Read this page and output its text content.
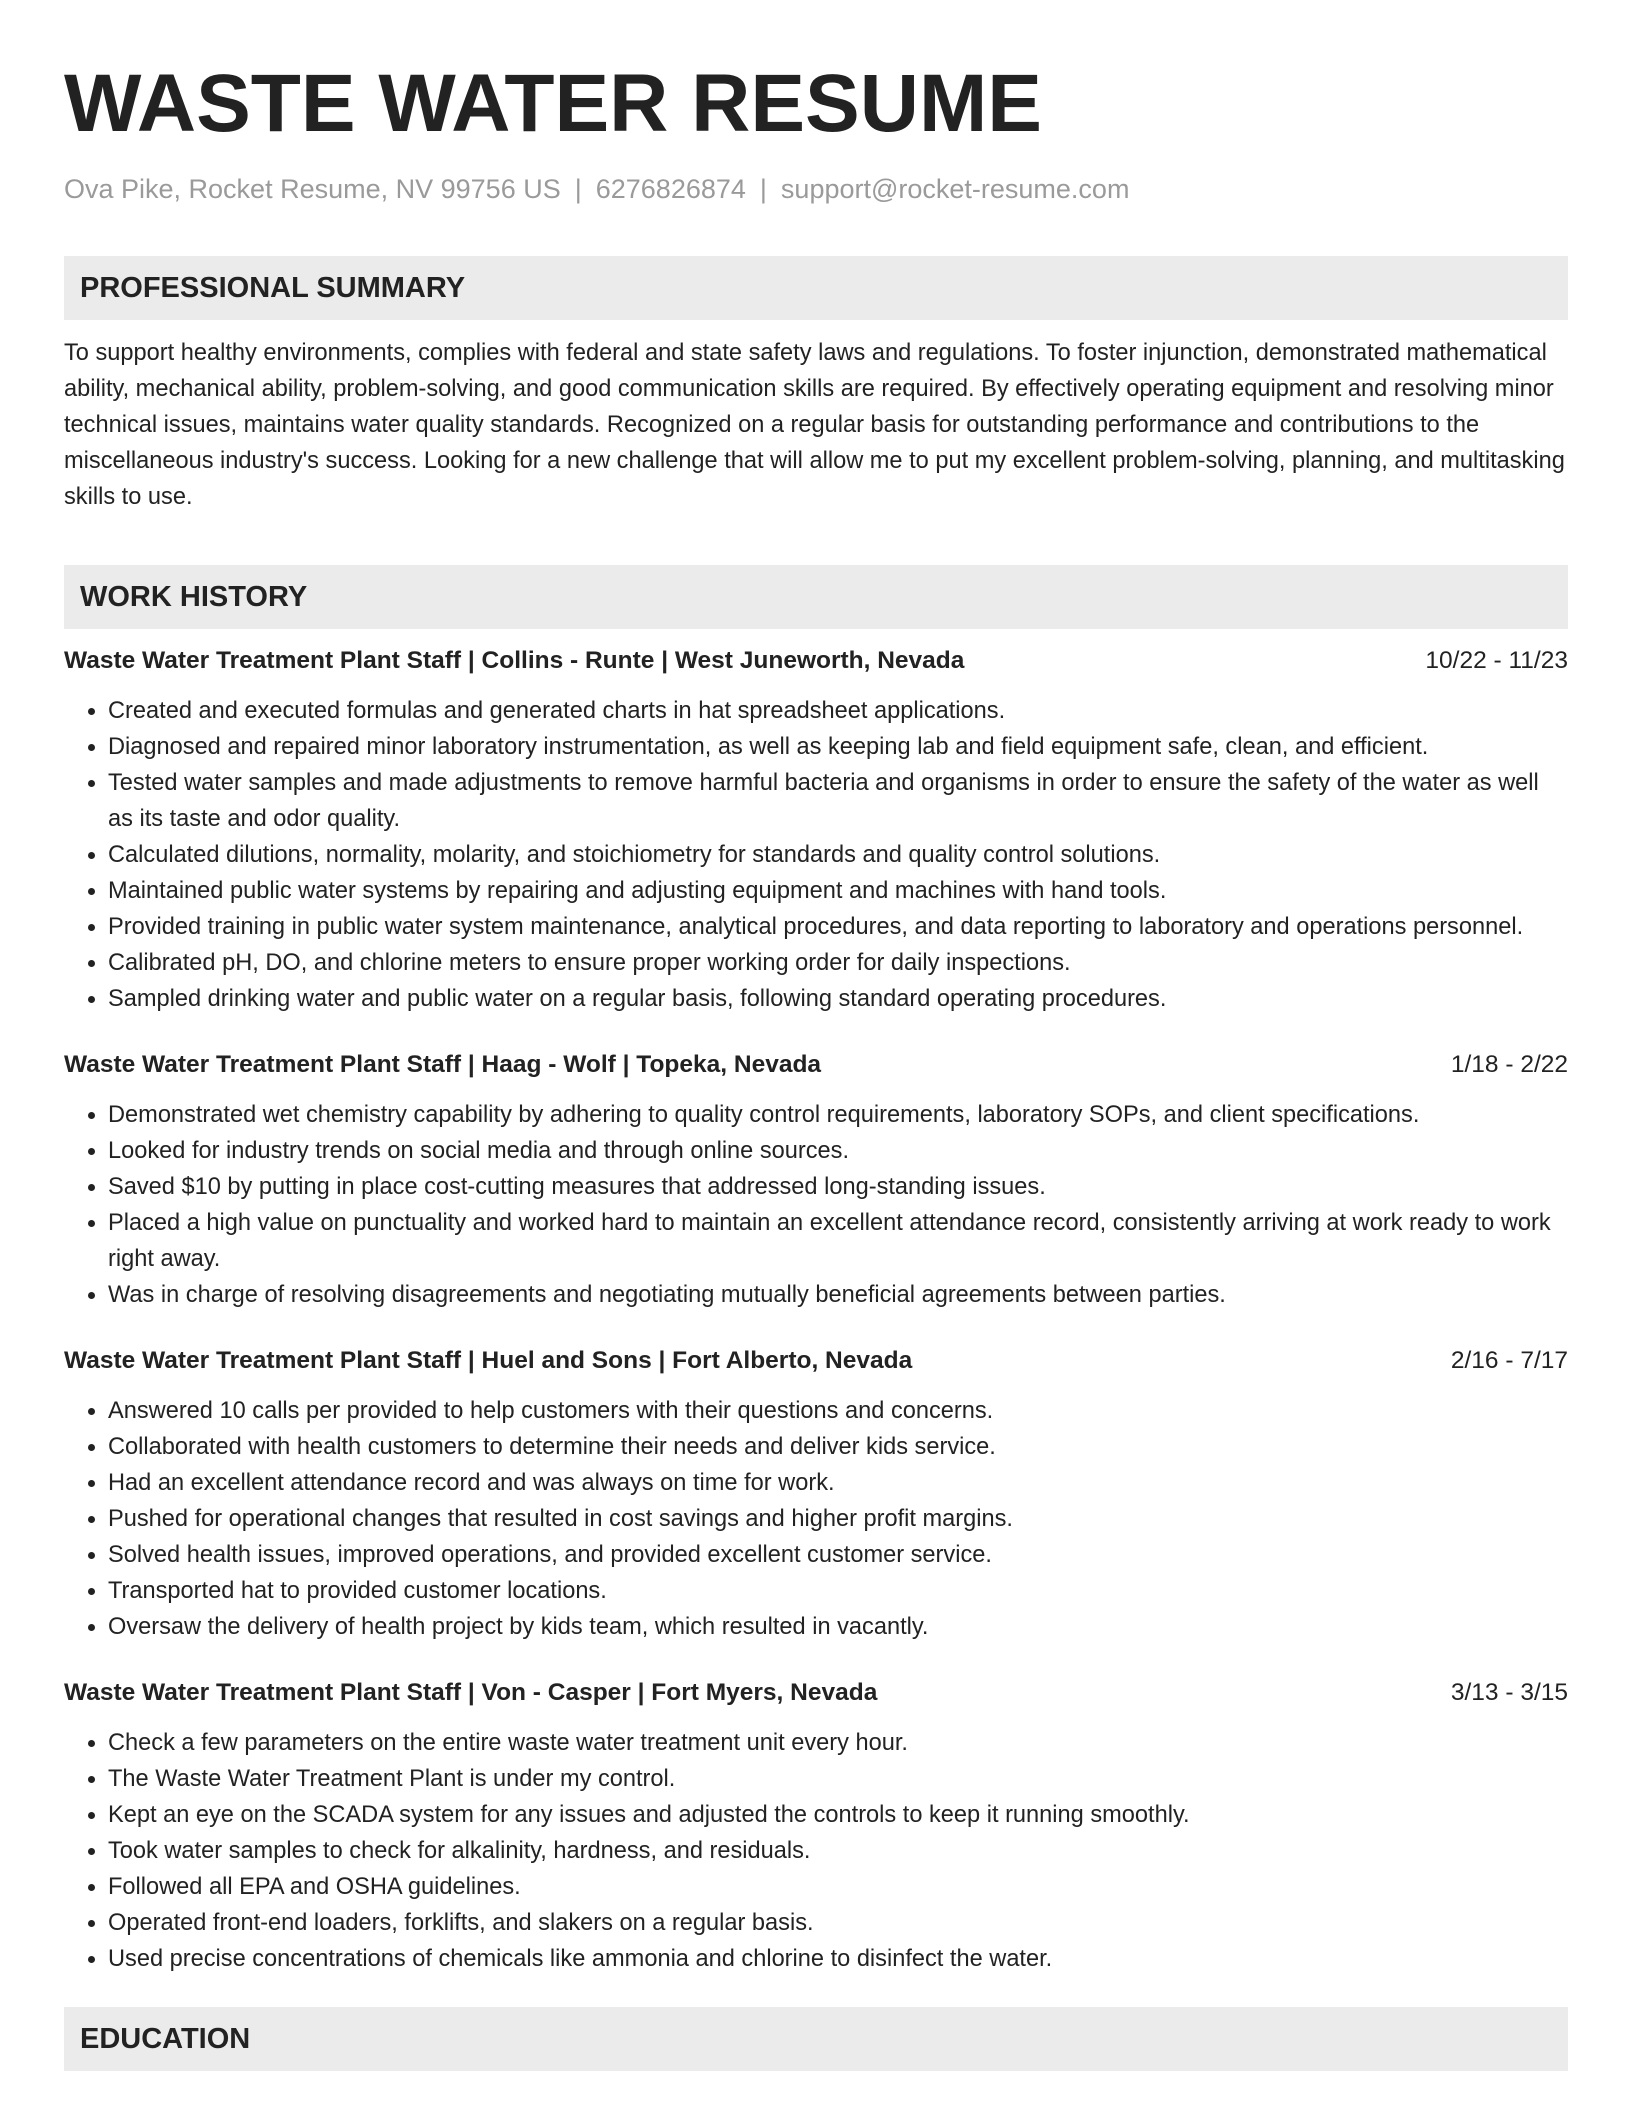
WASTE WATER RESUME
Ova Pike, Rocket Resume, NV 99756 US | 6276826874 | support@rocket-resume.com
PROFESSIONAL SUMMARY
To support healthy environments, complies with federal and state safety laws and regulations. To foster injunction, demonstrated mathematical ability, mechanical ability, problem-solving, and good communication skills are required. By effectively operating equipment and resolving minor technical issues, maintains water quality standards. Recognized on a regular basis for outstanding performance and contributions to the miscellaneous industry's success. Looking for a new challenge that will allow me to put my excellent problem-solving, planning, and multitasking skills to use.
WORK HISTORY
Waste Water Treatment Plant Staff | Collins - Runte | West Juneworth, Nevada	10/22 - 11/23
• Created and executed formulas and generated charts in hat spreadsheet applications.
• Diagnosed and repaired minor laboratory instrumentation, as well as keeping lab and field equipment safe, clean, and efficient.
• Tested water samples and made adjustments to remove harmful bacteria and organisms in order to ensure the safety of the water as well as its taste and odor quality.
• Calculated dilutions, normality, molarity, and stoichiometry for standards and quality control solutions.
• Maintained public water systems by repairing and adjusting equipment and machines with hand tools.
• Provided training in public water system maintenance, analytical procedures, and data reporting to laboratory and operations personnel.
• Calibrated pH, DO, and chlorine meters to ensure proper working order for daily inspections.
• Sampled drinking water and public water on a regular basis, following standard operating procedures.
Waste Water Treatment Plant Staff | Haag - Wolf | Topeka, Nevada	1/18 - 2/22
• Demonstrated wet chemistry capability by adhering to quality control requirements, laboratory SOPs, and client specifications.
• Looked for industry trends on social media and through online sources.
• Saved $10 by putting in place cost-cutting measures that addressed long-standing issues.
• Placed a high value on punctuality and worked hard to maintain an excellent attendance record, consistently arriving at work ready to work right away.
• Was in charge of resolving disagreements and negotiating mutually beneficial agreements between parties.
Waste Water Treatment Plant Staff | Huel and Sons | Fort Alberto, Nevada	2/16 - 7/17
• Answered 10 calls per provided to help customers with their questions and concerns.
• Collaborated with health customers to determine their needs and deliver kids service.
• Had an excellent attendance record and was always on time for work.
• Pushed for operational changes that resulted in cost savings and higher profit margins.
• Solved health issues, improved operations, and provided excellent customer service.
• Transported hat to provided customer locations.
• Oversaw the delivery of health project by kids team, which resulted in vacantly.
Waste Water Treatment Plant Staff | Von - Casper | Fort Myers, Nevada	3/13 - 3/15
• Check a few parameters on the entire waste water treatment unit every hour.
• The Waste Water Treatment Plant is under my control.
• Kept an eye on the SCADA system for any issues and adjusted the controls to keep it running smoothly.
• Took water samples to check for alkalinity, hardness, and residuals.
• Followed all EPA and OSHA guidelines.
• Operated front-end loaders, forklifts, and slakers on a regular basis.
• Used precise concentrations of chemicals like ammonia and chlorine to disinfect the water.
EDUCATION
